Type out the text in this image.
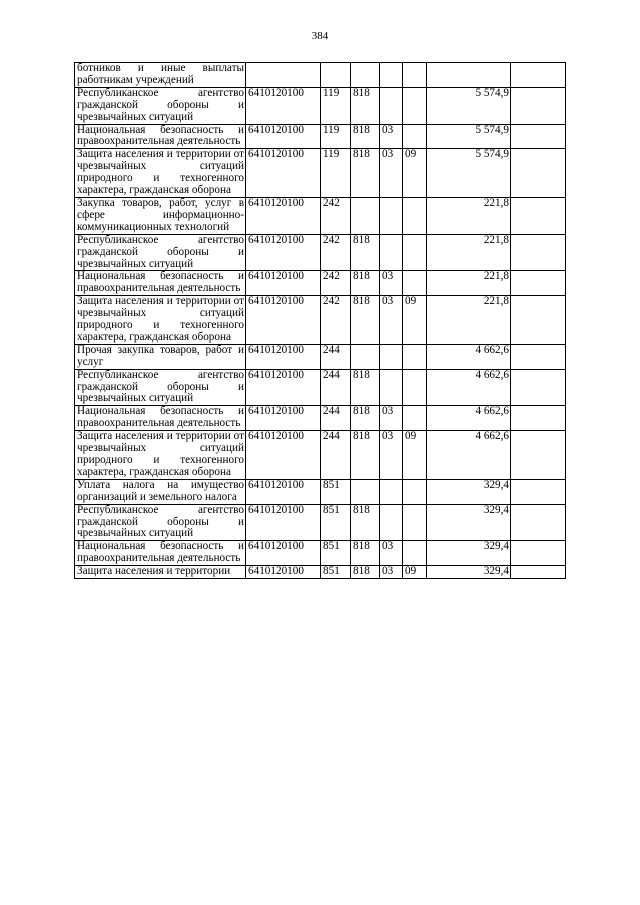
384
ботников и иные выплаты работникам учреждений							
Республиканское агентство гражданской обороны и чрезвычайных ситуаций	6410120100	119	818			5 574,9	
Национальная безопасность и правоохранительная деятельность	6410120100	119	818	03		5 574,9	
Защита населения и территории от чрезвычайных ситуаций природного и техногенного характера, гражданская оборона	6410120100	119	818	03	09	5 574,9	
Закупка товаров, работ, услуг в сфере информационно-коммуникационных технологий	6410120100	242				221,8	
Республиканское агентство гражданской обороны и чрезвычайных ситуаций	6410120100	242	818			221,8	
Национальная безопасность и правоохранительная деятельность	6410120100	242	818	03		221,8	
Защита населения и территории от чрезвычайных ситуаций природного и техногенного характера, гражданская оборона	6410120100	242	818	03	09	221,8	
Прочая закупка товаров, работ и услуг	6410120100	244				4 662,6	
Республиканское агентство гражданской обороны и чрезвычайных ситуаций	6410120100	244	818			4 662,6	
Национальная безопасность и правоохранительная деятельность	6410120100	244	818	03		4 662,6	
Защита населения и территории от чрезвычайных ситуаций природного и техногенного характера, гражданская оборона	6410120100	244	818	03	09	4 662,6	
Уплата налога на имущество организаций и земельного налога	6410120100	851				329,4	
Республиканское агентство гражданской обороны и чрезвычайных ситуаций	6410120100	851	818			329,4	
Национальная безопасность и правоохранительная деятельность	6410120100	851	818	03		329,4	
Защита населения и территории	6410120100	851	818	03	09	329,4	
